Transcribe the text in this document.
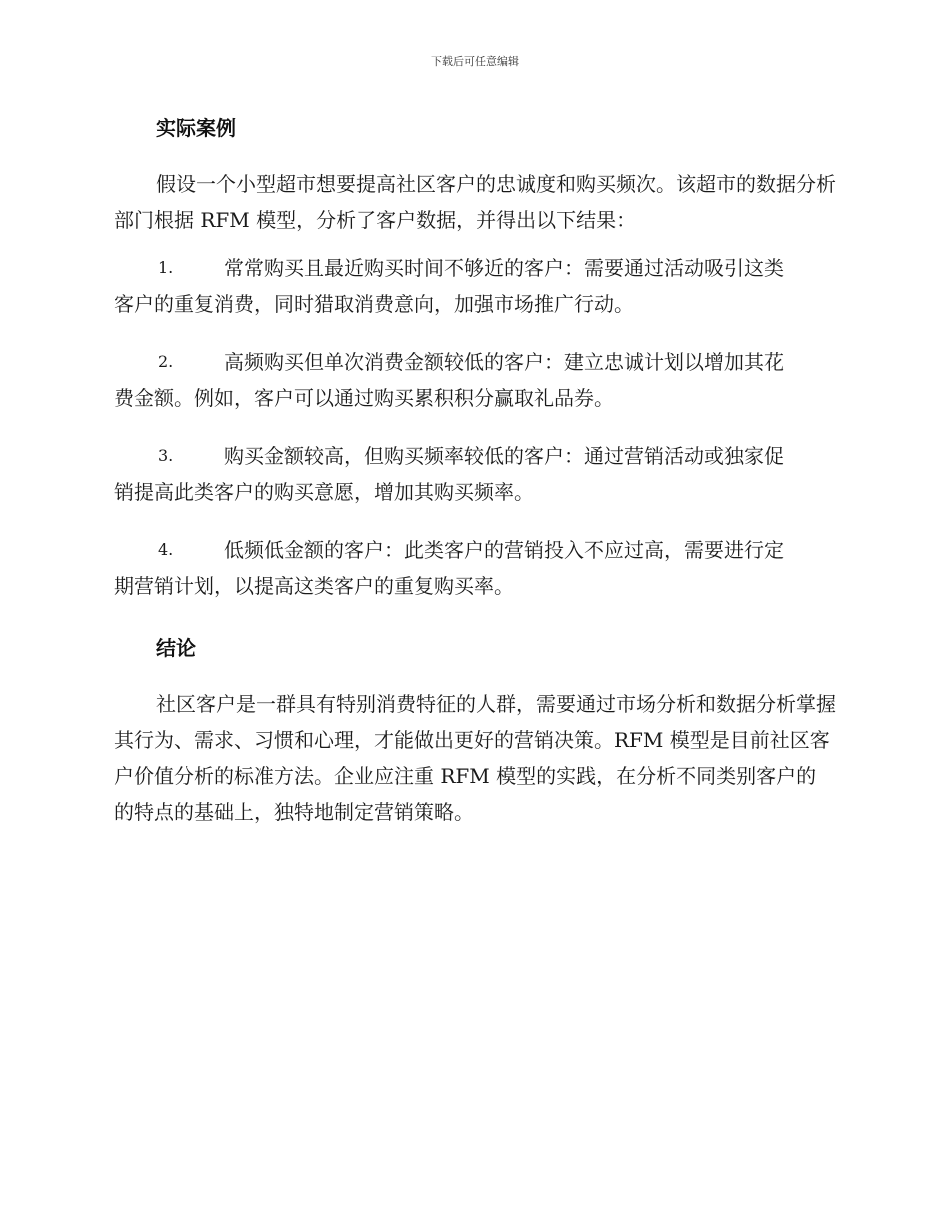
下载后可任意编辑
实际案例

假设一个小型超市想要提高社区客户的忠诚度和购买频次。该超市的数据分析部门根据 RFM 模型，分析了客户数据，并得出以下结果：

1.	常常购买且最近购买时间不够近的客户：需要通过活动吸引这类
客户的重复消费，同时猎取消费意向，加强市场推广行动。

2.	高频购买但单次消费金额较低的客户：建立忠诚计划以增加其花
费金额。例如，客户可以通过购买累积积分赢取礼品券。

3.	购买金额较高，但购买频率较低的客户：通过营销活动或独家促
销提高此类客户的购买意愿，增加其购买频率。

4.	低频低金额的客户：此类客户的营销投入不应过高，需要进行定
期营销计划，以提高这类客户的重复购买率。

结论

社区客户是一群具有特别消费特征的人群，需要通过市场分析和数据分析掌握其行为、需求、习惯和心理，才能做出更好的营销决策。RFM 模型是目前社区客户价值分析的标准方法。企业应注重 RFM 模型的实践，在分析不同类别客户的的特点的基础上，独特地制定营销策略。
